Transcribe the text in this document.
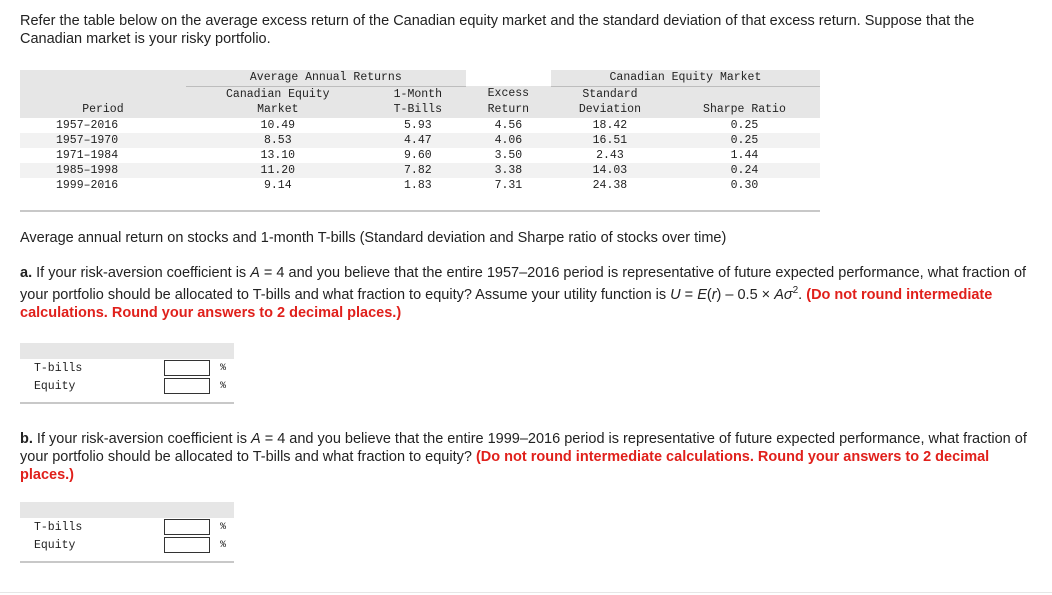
Refer the table below on the average excess return of the Canadian equity market and the standard deviation of that excess return. Suppose that the Canadian market is your risky portfolio.
	Average Annual Returns			Canadian Equity Market	
	Canadian Equity	1-Month	Excess	Standard	
Period	Market	T-Bills	Return	Deviation	Sharpe Ratio
1957–2016	10.49	5.93	4.56	18.42	0.25
1957–1970	8.53	4.47	4.06	16.51	0.25
1971–1984	13.10	9.60	3.50	2.43	1.44
1985–1998	11.20	7.82	3.38	14.03	0.24
1999–2016	9.14	1.83	7.31	24.38	0.30

Average annual return on stocks and 1-month T-bills (Standard deviation and Sharpe ratio of stocks over time)
a. If your risk-aversion coefficient is A = 4 and you believe that the entire 1957–2016 period is representative of future expected performance, what fraction of your portfolio should be allocated to T-bills and what fraction to equity? Assume your utility function is $U = E(r) - 0.5 \times A\sigma^2$. (Do not round intermediate calculations. Round your answers to 2 decimal places.)

T-bills		%
Equity		%

b. If your risk-aversion coefficient is A = 4 and you believe that the entire 1999–2016 period is representative of future expected performance, what fraction of your portfolio should be allocated to T-bills and what fraction to equity? (Do not round intermediate calculations. Round your answers to 2 decimal places.)

T-bills		%
Equity		%
